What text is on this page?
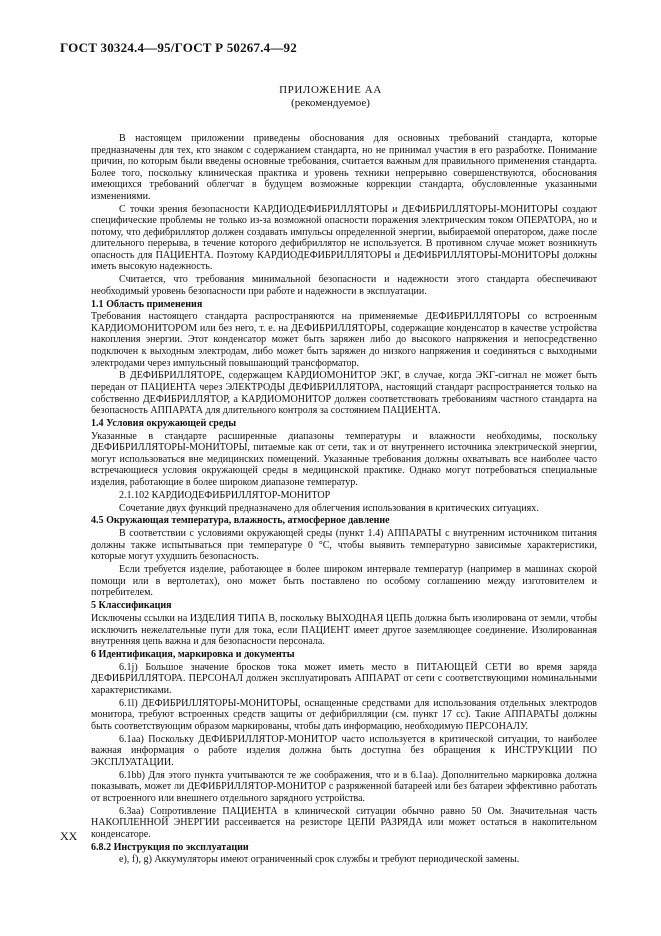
ГОСТ 30324.4—95/ГОСТ Р 50267.4—92
ПРИЛОЖЕНИЕ АА
(рекомендуемое)

В настоящем приложении приведены обоснования для основных требований стандарта, которые предназначены для тех, кто знаком с содержанием стандарта, но не принимал участия в его разработке. Понимание причин, по которым были введены основные требования, считается важным для правильного применения стандарта. Более того, поскольку клиническая практика и уровень техники непрерывно совершенствуются, обоснования имеющихся требований облегчат в будущем возможные коррекции стандарта, обусловленные указанными изменениями.

С точки зрения безопасности КАРДИОДЕФИБРИЛЛЯТОРЫ и ДЕФИБРИЛЛЯТОРЫ-МОНИТОРЫ создают специфические проблемы не только из-за возможной опасности поражения электрическим током ОПЕРАТОРА, но и потому, что дефибриллятор должен создавать импульсы определенной энергии, выбираемой оператором, даже после длительного перерыва, в течение которого дефибриллятор не используется. В противном случае может возникнуть опасность для ПАЦИЕНТА. Поэтому КАРДИОДЕФИБРИЛЛЯТОРЫ и ДЕФИБРИЛЛЯТОРЫ-МОНИТОРЫ должны иметь высокую надежность.

Считается, что требования минимальной безопасности и надежности этого стандарта обеспечивают необходимый уровень безопасности при работе и надежности в эксплуатации.

1.1 Область применения

Требования настоящего стандарта распространяются на применяемые ДЕФИБРИЛЛЯТОРЫ со встроенным КАРДИОМОНИТОРОМ или без него, т. е. на ДЕФИБРИЛЛЯТОРЫ, содержащие конденсатор в качестве устройства накопления энергии. Этот конденсатор может быть заряжен либо до высокого напряжения и непосредственно подключен к выходным электродам, либо может быть заряжен до низкого напряжения и соединяться с выходными электродами через импульсный повышающий трансформатор.

В ДЕФИБРИЛЛЯТОРЕ, содержащем КАРДИОМОНИТОР ЭКГ, в случае, когда ЭКГ-сигнал не может быть передан от ПАЦИЕНТА через ЭЛЕКТРОДЫ ДЕФИБРИЛЛЯТОРА, настоящий стандарт распространяется только на собственно ДЕФИБРИЛЛЯТОР, а КАРДИОМОНИТОР должен соответствовать требованиям частного стандарта на безопасность АППАРАТА для длительного контроля за состоянием ПАЦИЕНТА.

1.4 Условия окружающей среды

Указанные в стандарте расширенные диапазоны температуры и влажности необходимы, поскольку ДЕФИБРИЛЛЯТОРЫ-МОНИТОРЫ, питаемые как от сети, так и от внутреннего источника электрической энергии, могут использоваться вне медицинских помещений. Указанные требования должны охватывать все наиболее часто встречающиеся условия окружающей среды в медицинской практике. Однако могут потребоваться специальные изделия, работающие в более широком диапазоне температур.

2.1.102 КАРДИОДЕФИБРИЛЛЯТОР-МОНИТОР

Сочетание двух функций предназначено для облегчения использования в критических ситуациях.

4.5 Окружающая температура, влажность, атмосферное давление

В соответствии с условиями окружающей среды (пункт 1.4) АППАРАТЫ с внутренним источником питания должны также испытываться при температуре 0 °С, чтобы выявить температурно зависимые характеристики, которые могут ухудшить безопасность.

Если требуется изделие, работающее в более широком интервале температур (например в машинах скорой помощи или в вертолетах), оно может быть поставлено по особому соглашению между изготовителем и потребителем.

5 Классификация

Исключены ссылки на ИЗДЕЛИЯ ТИПА В, поскольку ВЫХОДНАЯ ЦЕПЬ должна быть изолирована от земли, чтобы исключить нежелательные пути для тока, если ПАЦИЕНТ имеет другое заземляющее соединение. Изолированная внутренняя цепь важна и для безопасности персонала.

6 Идентификация, маркировка и документы

6.1j) Большое значение бросков тока может иметь место в ПИТАЮЩЕЙ СЕТИ во время заряда ДЕФИБРИЛЛЯТОРА. ПЕРСОНАЛ должен эксплуатировать АППАРАТ от сети с соответствующими номинальными характеристиками.

6.1l) ДЕФИБРИЛЛЯТОРЫ-МОНИТОРЫ, оснащенные средствами для использования отдельных электродов монитора, требуют встроенных средств защиты от дефибрилляции (см. пункт 17 сс). Такие АППАРАТЫ должны быть соответствующим образом маркированы, чтобы дать информацию, необходимую ПЕРСОНАЛУ.

6.1аа) Поскольку ДЕФИБРИЛЛЯТОР-МОНИТОР часто используется в критической ситуации, то наиболее важная информация о работе изделия должна быть доступна без обращения к ИНСТРУКЦИИ ПО ЭКСПЛУАТАЦИИ.

6.1bb) Для этого пункта учитываются те же соображения, что и в 6.1аа). Дополнительно маркировка должна показывать, может ли ДЕФИБРИЛЛЯТОР-МОНИТОР с разряженной батареей или без батареи эффективно работать от встроенного или внешнего отдельного зарядного устройства.

6.3аа) Сопротивление ПАЦИЕНТА в клинической ситуации обычно равно 50 Ом. Значительная часть НАКОПЛЕННОЙ ЭНЕРГИИ рассеивается на резисторе ЦЕПИ РАЗРЯДА или может остаться в накопительном конденсаторе.

6.8.2 Инструкция по эксплуатации

е), f), g) Аккумуляторы имеют ограниченный срок службы и требуют периодической замены.

XX
